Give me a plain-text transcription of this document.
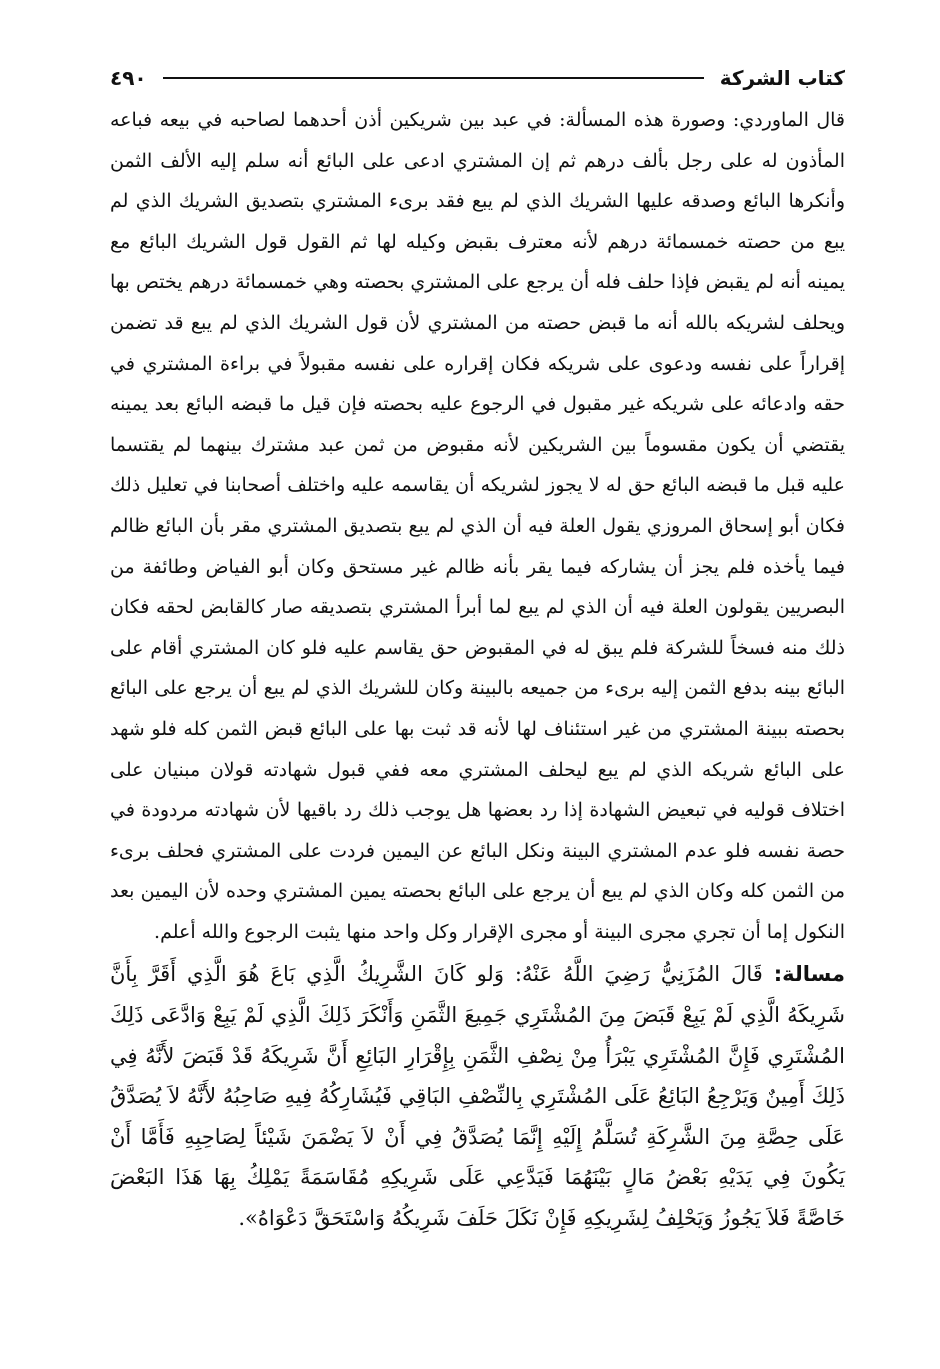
كتاب الشركة
٤٩٠

قال الماوردي: وصورة هذه المسألة: في عبد بين شريكين أذن أحدهما لصاحبه في بيعه فباعه المأذون له على رجل بألف درهم ثم إن المشتري ادعى على البائع أنه سلم إليه الألف الثمن وأنكرها البائع وصدقه عليها الشريك الذي لم يبع فقد برىء المشتري بتصديق الشريك الذي لم يبع من حصته خمسمائة درهم لأنه معترف بقبض وكيله لها ثم القول قول الشريك البائع مع يمينه أنه لم يقبض فإذا حلف فله أن يرجع على المشتري بحصته وهي خمسمائة درهم يختص بها ويحلف لشريكه بالله أنه ما قبض حصته من المشتري لأن قول الشريك الذي لم يبع قد تضمن إقراراً على نفسه ودعوى على شريكه فكان إقراره على نفسه مقبولاً في براءة المشتري في حقه وادعائه على شريكه غير مقبول في الرجوع عليه بحصته فإن قيل ما قبضه البائع بعد يمينه يقتضي أن يكون مقسوماً بين الشريكين لأنه مقبوض من ثمن عبد مشترك بينهما لم يقتسما عليه قبل ما قبضه البائع حق له لا يجوز لشريكه أن يقاسمه عليه واختلف أصحابنا في تعليل ذلك فكان أبو إسحاق المروزي يقول العلة فيه أن الذي لم يبع بتصديق المشتري مقر بأن البائع ظالم فيما يأخذه فلم يجز أن يشاركه فيما يقر بأنه ظالم غير مستحق وكان أبو الفياض وطائفة من البصريين يقولون العلة فيه أن الذي لم يبع لما أبرأ المشتري بتصديقه صار كالقابض لحقه فكان ذلك منه فسخاً للشركة فلم يبق له في المقبوض حق يقاسم عليه فلو كان المشتري أقام على البائع بينه بدفع الثمن إليه برىء من جميعه بالبينة وكان للشريك الذي لم يبع أن يرجع على البائع بحصته ببينة المشتري من غير استئناف لها لأنه قد ثبت بها على البائع قبض الثمن كله فلو شهد على البائع شريكه الذي لم يبع ليحلف المشتري معه ففي قبول شهادته قولان مبنيان على اختلاف قوليه في تبعيض الشهادة إذا رد بعضها هل يوجب ذلك رد باقيها لأن شهادته مردودة في حصة نفسه فلو عدم المشتري البينة ونكل البائع عن اليمين فردت على المشتري فحلف برىء من الثمن كله وكان الذي لم يبع أن يرجع على البائع بحصته يمين المشتري وحده لأن اليمين بعد النكول إما أن تجري مجرى البينة أو مجرى الإقرار وكل واحد منها يثبت الرجوع والله أعلم.

مسالة: قَالَ المُزَنِيُّ رَضِيَ اللَّهُ عَنْهُ: وَلو كَانَ الشَّرِيكُ الَّذِي بَاعَ هُوَ الَّذِي أَقَرَّ بِأَنَّ شَرِيكَهُ الَّذِي لَمْ يَبِعْ قَبَضَ مِنَ المُشْتَرِي جَمِيعَ الثَّمَنِ وَأَنْكَرَ ذَلِكَ الَّذِي لَمْ يَبِعْ وَادَّعَى ذَلِكَ المُشْتَرِي فَإِنَّ المُشْتَرِي يَبْرَأُ مِنْ نِصْفِ الثَّمَنِ بِإِقْرَارِ البَائِعِ أَنَّ شَرِيكَهُ قَدْ قَبَضَ لأَنَّهُ فِي ذَلِكَ أَمِينٌ وَيَرْجِعُ البَائِعُ عَلَى المُشْتَرِي بِالنِّصْفِ البَاقِي فَيُشَارِكُهُ فِيهِ صَاحِبُهُ لأَنَّهُ لاَ يُصَدَّقُ عَلَى حِصَّةِ مِنَ الشَّرِكَةِ تُسَلَّمُ إِلَيْهِ إِنَّمَا يُصَدَّقُ فِي أَنْ لاَ يَضْمَنَ شَيْئاً لِصَاحِبِهِ فَأَمَّا أَنْ يَكُونَ فِي يَدَيْهِ بَعْضُ مَالٍ بَيْنَهُمَا فَيَدَّعِي عَلَى شَرِيكِهِ مُقَاسَمَةً يَمْلِكُ بِهَا هَذَا البَعْضَ خَاصَّةً فَلاَ يَجُوزُ وَيَحْلِفُ لِشَرِيكِهِ فَإِنْ نَكَلَ حَلَفَ شَرِيكُهُ وَاسْتَحَقَّ دَعْوَاهُ».
